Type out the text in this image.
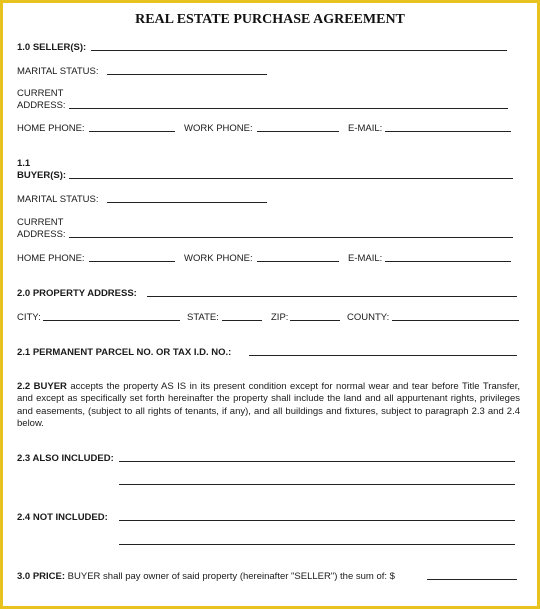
REAL ESTATE PURCHASE AGREEMENT
1.0 SELLER(S):
MARITAL STATUS:
CURRENT
ADDRESS:
HOME PHONE:	WORK PHONE:	E-MAIL:
1.1
BUYER(S):
MARITAL STATUS:
CURRENT
ADDRESS:
HOME PHONE:	WORK PHONE:	E-MAIL:
2.0 PROPERTY ADDRESS:
CITY:	STATE:	ZIP:	COUNTY:
2.1 PERMANENT PARCEL NO. OR TAX I.D. NO.:
2.2 BUYER accepts the property AS IS in its present condition except for normal wear and tear before Title Transfer, and except as specifically set forth hereinafter the property shall include the land and all appurtenant rights, privileges and easements, (subject to all rights of tenants, if any), and all buildings and fixtures, subject to paragraph 2.3 and 2.4 below.
2.3 ALSO INCLUDED:
2.4 NOT INCLUDED:
3.0 PRICE: BUYER shall pay owner of said property (hereinafter "SELLER") the sum of: $
